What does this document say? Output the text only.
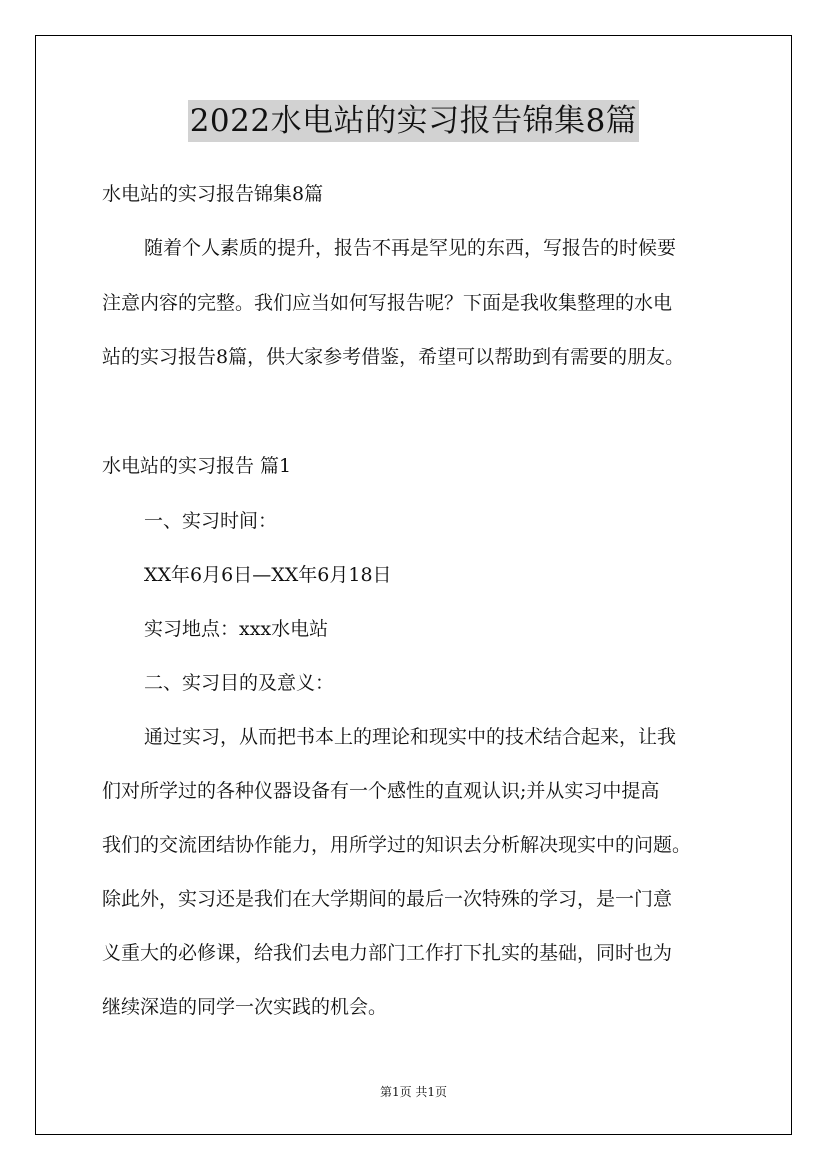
2022水电站的实习报告锦集8篇

水电站的实习报告锦集8篇

随着个人素质的提升，报告不再是罕见的东西，写报告的时候要

注意内容的完整。我们应当如何写报告呢？下面是我收集整理的水电

站的实习报告8篇，供大家参考借鉴，希望可以帮助到有需要的朋友。

水电站的实习报告 篇1

一、实习时间：

XX年6月6日—XX年6月18日

实习地点：xxx水电站

二、实习目的及意义：

通过实习，从而把书本上的理论和现实中的技术结合起来，让我

们对所学过的各种仪器设备有一个感性的直观认识;并从实习中提高

我们的交流团结协作能力，用所学过的知识去分析解决现实中的问题。

除此外，实习还是我们在大学期间的最后一次特殊的学习，是一门意

义重大的必修课，给我们去电力部门工作打下扎实的基础，同时也为

继续深造的同学一次实践的机会。

第1页 共1页
